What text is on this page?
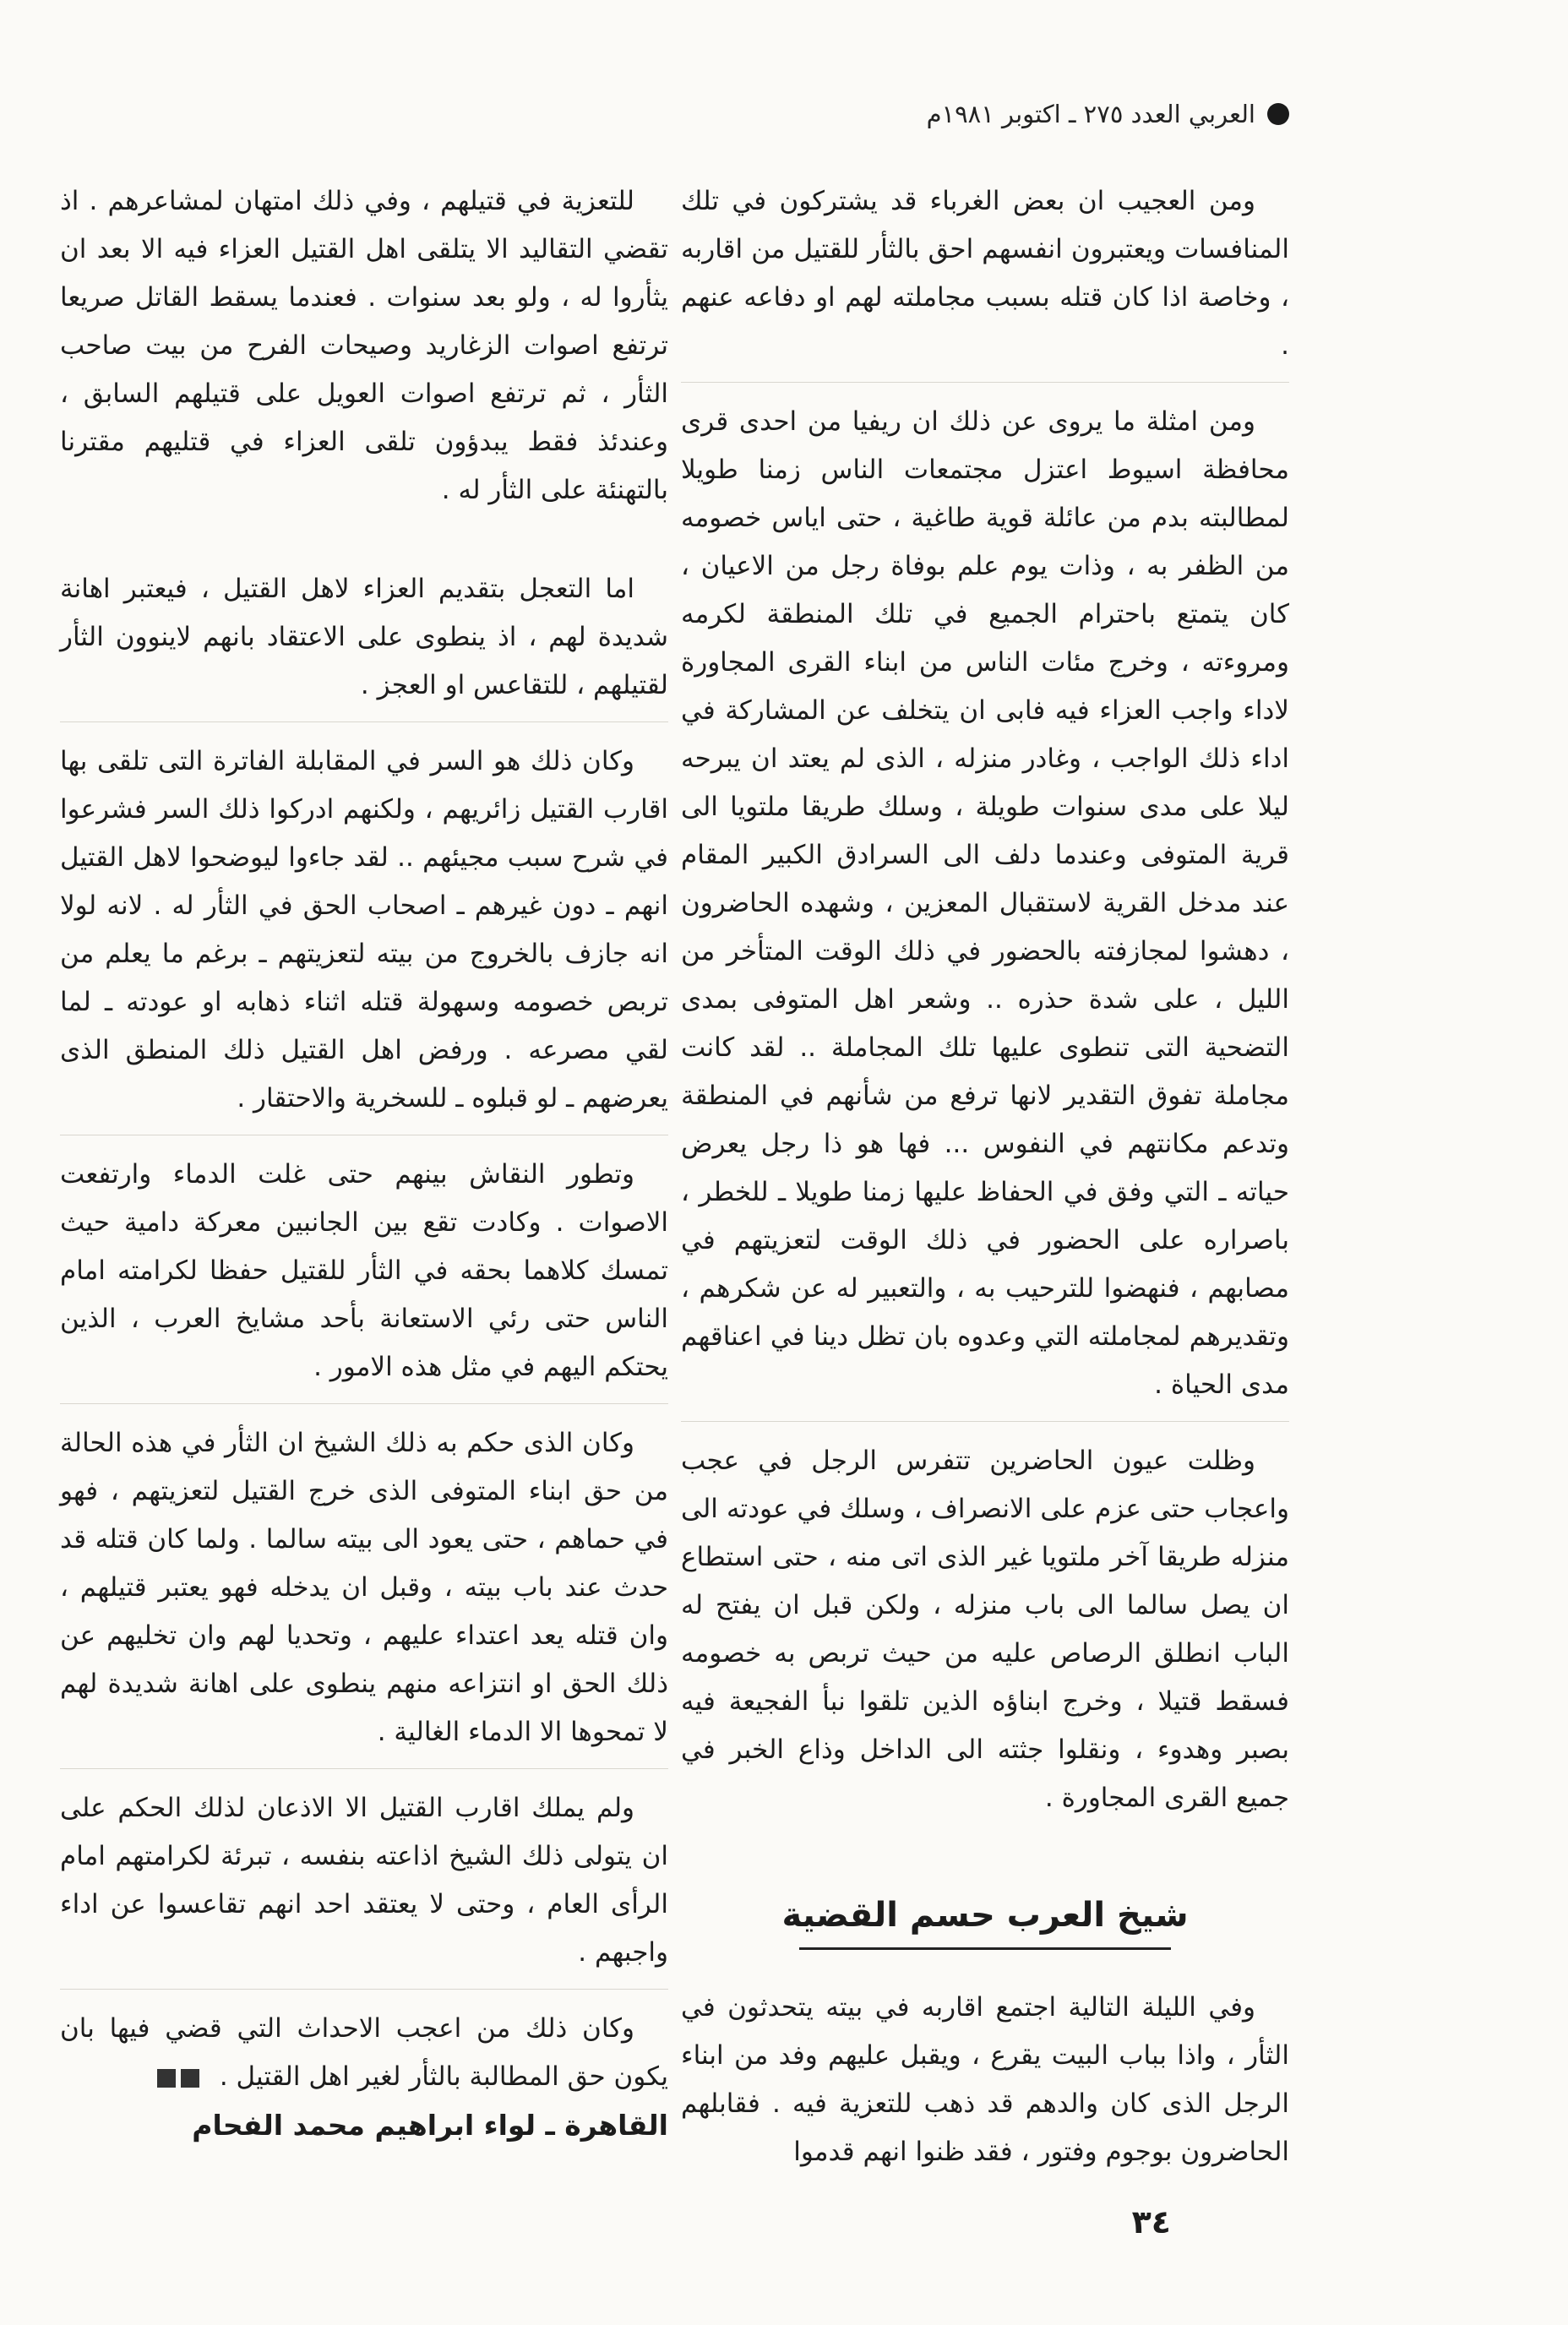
العربي العدد ٢٧٥ ـ اكتوبر ١٩٨١م

ومن العجيب ان بعض الغرباء قد يشتركون في تلك المنافسات ويعتبرون انفسهم احق بالثأر للقتيل من اقاربه ، وخاصة اذا كان قتله بسبب مجاملته لهم او دفاعه عنهم .

ومن امثلة ما يروى عن ذلك ان ريفيا من احدى قرى محافظة اسيوط اعتزل مجتمعات الناس زمنا طويلا لمطالبته بدم من عائلة قوية طاغية ، حتى اياس خصومه من الظفر به ، وذات يوم علم بوفاة رجل من الاعيان ، كان يتمتع باحترام الجميع في تلك المنطقة لكرمه ومروءته ، وخرج مئات الناس من ابناء القرى المجاورة لاداء واجب العزاء فيه فابى ان يتخلف عن المشاركة في اداء ذلك الواجب ، وغادر منزله ، الذى لم يعتد ان يبرحه ليلا على مدى سنوات طويلة ، وسلك طريقا ملتويا الى قرية المتوفى وعندما دلف الى السرادق الكبير المقام عند مدخل القرية لاستقبال المعزين ، وشهده الحاضرون ، دهشوا لمجازفته بالحضور في ذلك الوقت المتأخر من الليل ، على شدة حذره .. وشعر اهل المتوفى بمدى التضحية التى تنطوى عليها تلك المجاملة .. لقد كانت مجاملة تفوق التقدير لانها ترفع من شأنهم في المنطقة وتدعم مكانتهم في النفوس ... فها هو ذا رجل يعرض حياته ـ التي وفق في الحفاظ عليها زمنا طويلا ـ للخطر ، باصراره على الحضور في ذلك الوقت لتعزيتهم في مصابهم ، فنهضوا للترحيب به ، والتعبير له عن شكرهم ، وتقديرهم لمجاملته التي وعدوه بان تظل دينا في اعناقهم مدى الحياة .

وظلت عيون الحاضرين تتفرس الرجل في عجب واعجاب حتى عزم على الانصراف ، وسلك في عودته الى منزله طريقا آخر ملتويا غير الذى اتى منه ، حتى استطاع ان يصل سالما الى باب منزله ، ولكن قبل ان يفتح له الباب انطلق الرصاص عليه من حيث تربص به خصومه فسقط قتيلا ، وخرج ابناؤه الذين تلقوا نبأ الفجيعة فيه بصبر وهدوء ، ونقلوا جثته الى الداخل وذاع الخبر في جميع القرى المجاورة .

شيخ العرب حسم القضية

وفي الليلة التالية اجتمع اقاربه في بيته يتحدثون في الثأر ، واذا بباب البيت يقرع ، ويقبل عليهم وفد من ابناء الرجل الذى كان والدهم قد ذهب للتعزية فيه . فقابلهم الحاضرون بوجوم وفتور ، فقد ظنوا انهم قدموا

للتعزية في قتيلهم ، وفي ذلك امتهان لمشاعرهم . اذ تقضي التقاليد الا يتلقى اهل القتيل العزاء فيه الا بعد ان يثأروا له ، ولو بعد سنوات . فعندما يسقط القاتل صريعا ترتفع اصوات الزغاريد وصيحات الفرح من بيت صاحب الثأر ، ثم ترتفع اصوات العويل على قتيلهم السابق ، وعندئذ فقط يبدؤون تلقى العزاء في قتليهم مقترنا بالتهنئة على الثأر له .

اما التعجل بتقديم العزاء لاهل القتيل ، فيعتبر اهانة شديدة لهم ، اذ ينطوى على الاعتقاد بانهم لاينوون الثأر لقتيلهم ، للتقاعس او العجز .

وكان ذلك هو السر في المقابلة الفاترة التى تلقى بها اقارب القتيل زائريهم ، ولكنهم ادركوا ذلك السر فشرعوا في شرح سبب مجيئهم .. لقد جاءوا ليوضحوا لاهل القتيل انهم ـ دون غيرهم ـ اصحاب الحق في الثأر له . لانه لولا انه جازف بالخروج من بيته لتعزيتهم ـ برغم ما يعلم من تربص خصومه وسهولة قتله اثناء ذهابه او عودته ـ لما لقي مصرعه . ورفض اهل القتيل ذلك المنطق الذى يعرضهم ـ لو قبلوه ـ للسخرية والاحتقار .

وتطور النقاش بينهم حتى غلت الدماء وارتفعت الاصوات . وكادت تقع بين الجانبين معركة دامية حيث تمسك كلاهما بحقه في الثأر للقتيل حفظا لكرامته امام الناس حتى رئي الاستعانة بأحد مشايخ العرب ، الذين يحتكم اليهم في مثل هذه الامور .

وكان الذى حكم به ذلك الشيخ ان الثأر في هذه الحالة من حق ابناء المتوفى الذى خرج القتيل لتعزيتهم ، فهو في حماهم ، حتى يعود الى بيته سالما . ولما كان قتله قد حدث عند باب بيته ، وقبل ان يدخله فهو يعتبر قتيلهم ، وان قتله يعد اعتداء عليهم ، وتحديا لهم وان تخليهم عن ذلك الحق او انتزاعه منهم ينطوى على اهانة شديدة لهم لا تمحوها الا الدماء الغالية .

ولم يملك اقارب القتيل الا الاذعان لذلك الحكم على ان يتولى ذلك الشيخ اذاعته بنفسه ، تبرئة لكرامتهم امام الرأى العام ، وحتى لا يعتقد احد انهم تقاعسوا عن اداء واجبهم .

وكان ذلك من اعجب الاحداث التي قضي فيها بان يكون حق المطالبة بالثأر لغير اهل القتيل .

القاهرة ـ لواء ابراهيم محمد الفحام

٣٤
